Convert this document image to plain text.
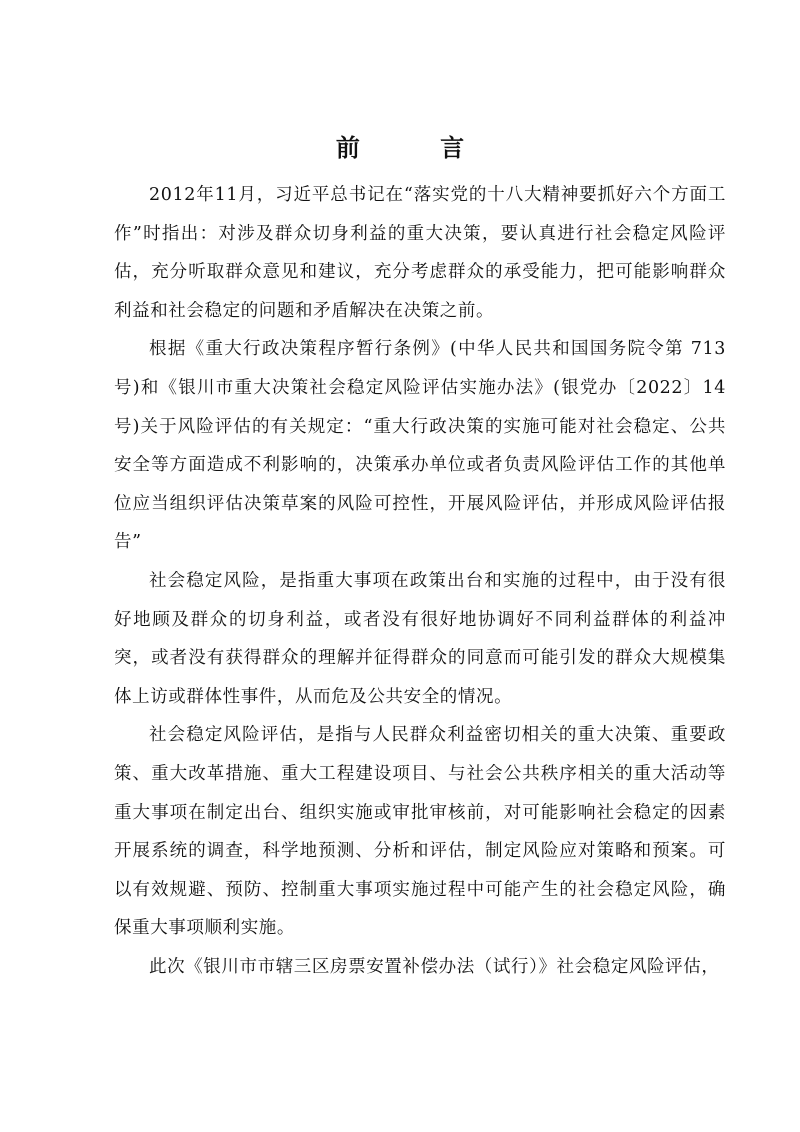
前 言

2012年11月，习近平总书记在“落实党的十八大精神要抓好六个方面工作”时指出：对涉及群众切身利益的重大决策，要认真进行社会稳定风险评估，充分听取群众意见和建议，充分考虑群众的承受能力，把可能影响群众利益和社会稳定的问题和矛盾解决在决策之前。

根据《重大行政决策程序暂行条例》(中华人民共和国国务院令第 713号)和《银川市重大决策社会稳定风险评估实施办法》(银党办〔2022〕14号)关于风险评估的有关规定：“重大行政决策的实施可能对社会稳定、公共安全等方面造成不利影响的，决策承办单位或者负责风险评估工作的其他单位应当组织评估决策草案的风险可控性，开展风险评估，并形成风险评估报告”

社会稳定风险，是指重大事项在政策出台和实施的过程中，由于没有很好地顾及群众的切身利益，或者没有很好地协调好不同利益群体的利益冲突，或者没有获得群众的理解并征得群众的同意而可能引发的群众大规模集体上访或群体性事件，从而危及公共安全的情况。

社会稳定风险评估，是指与人民群众利益密切相关的重大决策、重要政策、重大改革措施、重大工程建设项目、与社会公共秩序相关的重大活动等重大事项在制定出台、组织实施或审批审核前，对可能影响社会稳定的因素开展系统的调查，科学地预测、分析和评估，制定风险应对策略和预案。可以有效规避、预防、控制重大事项实施过程中可能产生的社会稳定风险，确保重大事项顺利实施。

此次《银川市市辖三区房票安置补偿办法（试行）》社会稳定风险评估，
